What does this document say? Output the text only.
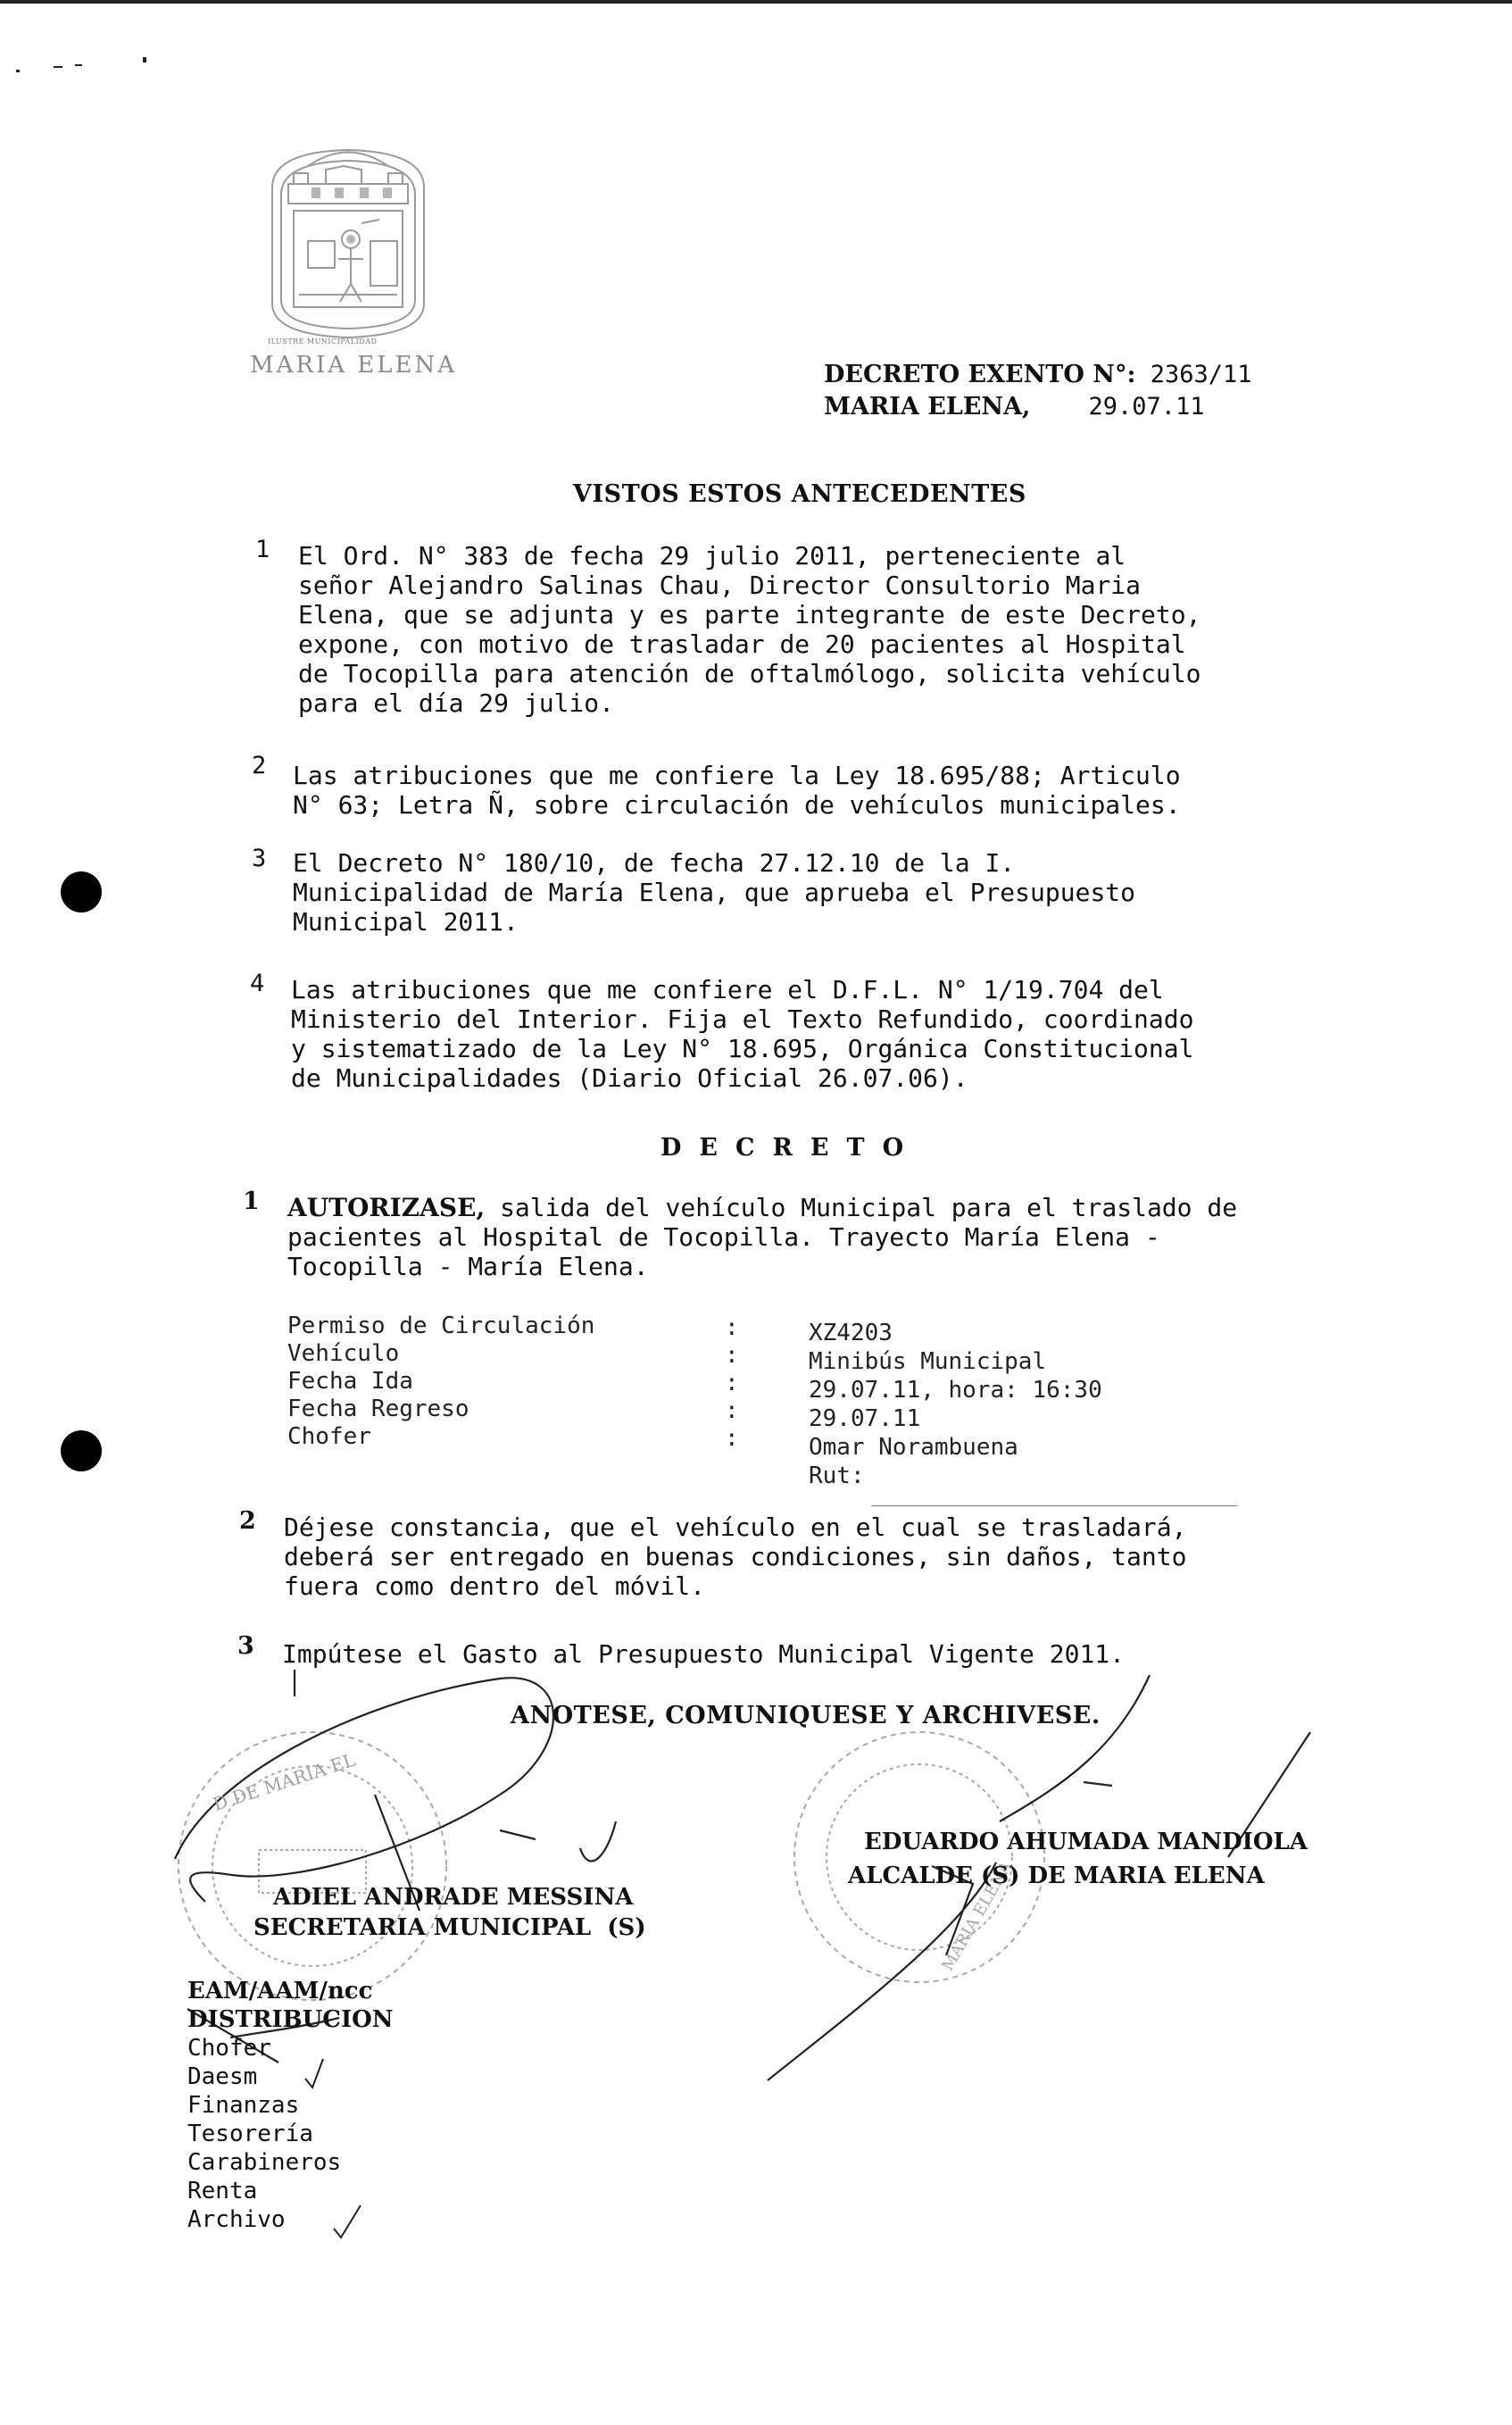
ILUSTRE MUNICIPALIDAD
MARIA ELENA	DECRETO EXENTO N°: 2363/11
MARIA ELENA, 29.07.11
VISTOS ESTOS ANTECEDENTES
1 El Ord. N° 383 de fecha 29 julio 2011, perteneciente al
señor Alejandro Salinas Chau, Director Consultorio Maria
Elena, que se adjunta y es parte integrante de este Decreto,
expone, con motivo de trasladar de 20 pacientes al Hospital
de Tocopilla para atención de oftalmólogo, solicita vehículo
para el día 29 julio.
2 Las atribuciones que me confiere la Ley 18.695/88; Articulo
N° 63; Letra Ñ, sobre circulación de vehículos municipales.
3 El Decreto N° 180/10, de fecha 27.12.10 de la I.
Municipalidad de María Elena, que aprueba el Presupuesto
Municipal 2011.
4 Las atribuciones que me confiere el D.F.L. N° 1/19.704 del
Ministerio del Interior. Fija el Texto Refundido, coordinado
y sistematizado de la Ley N° 18.695, Orgánica Constitucional
de Municipalidades (Diario Oficial 26.07.06).
DECRETO
1 AUTORIZASE, salida del vehículo Municipal para el traslado de
pacientes al Hospital de Tocopilla. Trayecto María Elena -
Tocopilla - María Elena.
Permiso de Circulación
Vehículo
Fecha Ida
Fecha Regreso
Chofer
:
:
:
:
:
XZ4203
Minibús Municipal
29.07.11, hora: 16:30
29.07.11
Omar Norambuena
Rut:
2 Déjese constancia, que el vehículo en el cual se trasladará,
deberá ser entregado en buenas condiciones, sin daños, tanto
fuera como dentro del móvil.
3 Impútese el Gasto al Presupuesto Municipal Vigente 2011.
ANOTESE, COMUNIQUESE Y ARCHIVESE.
D DE MARIA EL
MARIA ELENA
ADIEL ANDRADE MESSINA
SECRETARIA MUNICIPAL  (S)
EDUARDO AHUMADA MANDIOLA
ALCALDE (S) DE MARIA ELENA
EAM/AAM/ncc
DISTRIBUCION
Chofer
Daesm
Finanzas
Tesorería
Carabineros
Renta
Archivo
